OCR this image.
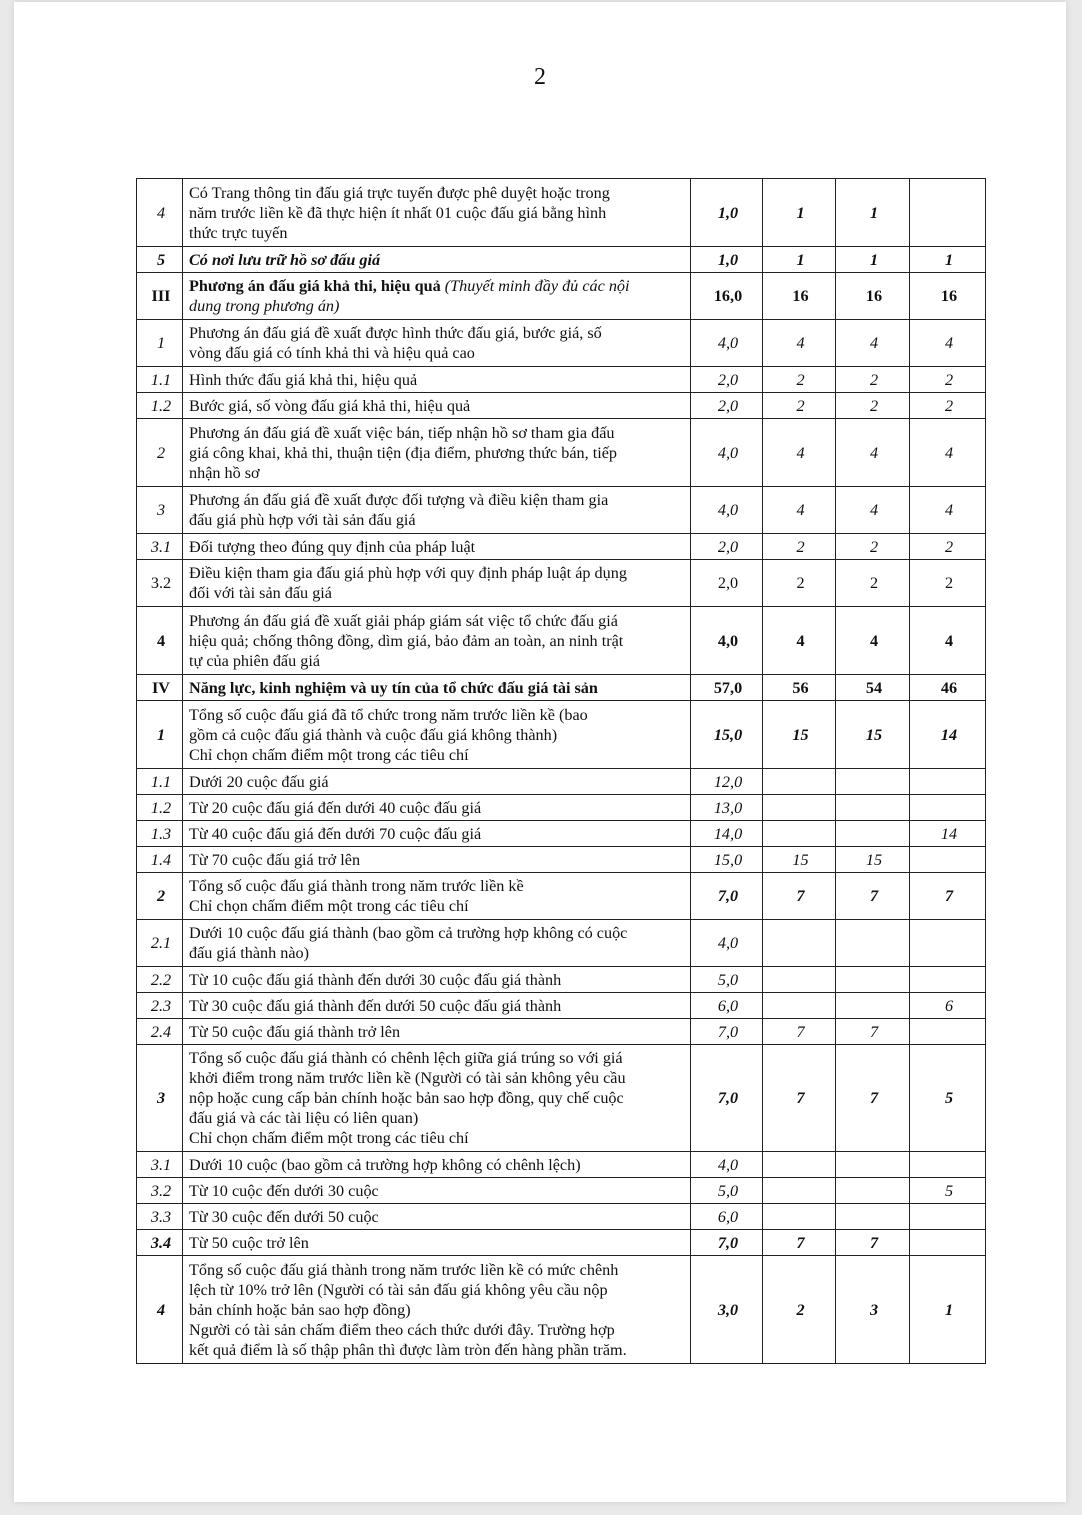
2
4	Có Trang thông tin đấu giá trực tuyến được phê duyệt hoặc trong
năm trước liền kề đã thực hiện ít nhất 01 cuộc đấu giá bằng hình
thức trực tuyến	1,0	1	1	
5	Có nơi lưu trữ hồ sơ đấu giá	1,0	1	1	1
III	Phương án đấu giá khả thi, hiệu quả (Thuyết minh đầy đủ các nội
dung trong phương án)	16,0	16	16	16
1	Phương án đấu giá đề xuất được hình thức đấu giá, bước giá, số
vòng đấu giá có tính khả thi và hiệu quả cao	4,0	4	4	4
1.1	Hình thức đấu giá khả thi, hiệu quả	2,0	2	2	2
1.2	Bước giá, số vòng đấu giá khả thi, hiệu quả	2,0	2	2	2
2	Phương án đấu giá đề xuất việc bán, tiếp nhận hồ sơ tham gia đấu
giá công khai, khả thi, thuận tiện (địa điểm, phương thức bán, tiếp
nhận hồ sơ	4,0	4	4	4
3	Phương án đấu giá đề xuất được đối tượng và điều kiện tham gia
đấu giá phù hợp với tài sản đấu giá	4,0	4	4	4
3.1	Đối tượng theo đúng quy định của pháp luật	2,0	2	2	2
3.2	Điều kiện tham gia đấu giá phù hợp với quy định pháp luật áp dụng
đối với tài sản đấu giá	2,0	2	2	2
4	Phương án đấu giá đề xuất giải pháp giám sát việc tổ chức đấu giá
hiệu quả; chống thông đồng, dìm giá, bảo đảm an toàn, an ninh trật
tự của phiên đấu giá	4,0	4	4	4
IV	Năng lực, kinh nghiệm và uy tín của tổ chức đấu giá tài sản	57,0	56	54	46
1	Tổng số cuộc đấu giá đã tổ chức trong năm trước liền kề (bao
gồm cả cuộc đấu giá thành và cuộc đấu giá không thành)
Chỉ chọn chấm điểm một trong các tiêu chí	15,0	15	15	14
1.1	Dưới 20 cuộc đấu giá	12,0			
1.2	Từ 20 cuộc đấu giá đến dưới 40 cuộc đấu giá	13,0			
1.3	Từ 40 cuộc đấu giá đến dưới 70 cuộc đấu giá	14,0			14
1.4	Từ 70 cuộc đấu giá trở lên	15,0	15	15	
2	Tổng số cuộc đấu giá thành trong năm trước liền kề
Chỉ chọn chấm điểm một trong các tiêu chí	7,0	7	7	7
2.1	Dưới 10 cuộc đấu giá thành (bao gồm cả trường hợp không có cuộc
đấu giá thành nào)	4,0			
2.2	Từ 10 cuộc đấu giá thành đến dưới 30 cuộc đấu giá thành	5,0			
2.3	Từ 30 cuộc đấu giá thành đến dưới 50 cuộc đấu giá thành	6,0			6
2.4	Từ 50 cuộc đấu giá thành trở lên	7,0	7	7	
3	Tổng số cuộc đấu giá thành có chênh lệch giữa giá trúng so với giá
khởi điểm trong năm trước liền kề (Người có tài sản không yêu cầu
nộp hoặc cung cấp bản chính hoặc bản sao hợp đồng, quy chế cuộc
đấu giá và các tài liệu có liên quan)
Chỉ chọn chấm điểm một trong các tiêu chí	7,0	7	7	5
3.1	Dưới 10 cuộc (bao gồm cả trường hợp không có chênh lệch)	4,0			
3.2	Từ 10 cuộc đến dưới 30 cuộc	5,0			5
3.3	Từ 30 cuộc đến dưới 50 cuộc	6,0			
3.4	Từ 50 cuộc trở lên	7,0	7	7	
4	Tổng số cuộc đấu giá thành trong năm trước liền kề có mức chênh
lệch từ 10% trở lên (Người có tài sản đấu giá không yêu cầu nộp
bản chính hoặc bản sao hợp đồng)
Người có tài sản chấm điểm theo cách thức dưới đây. Trường hợp
kết quả điểm là số thập phân thì được làm tròn đến hàng phần trăm.	3,0	2	3	1
